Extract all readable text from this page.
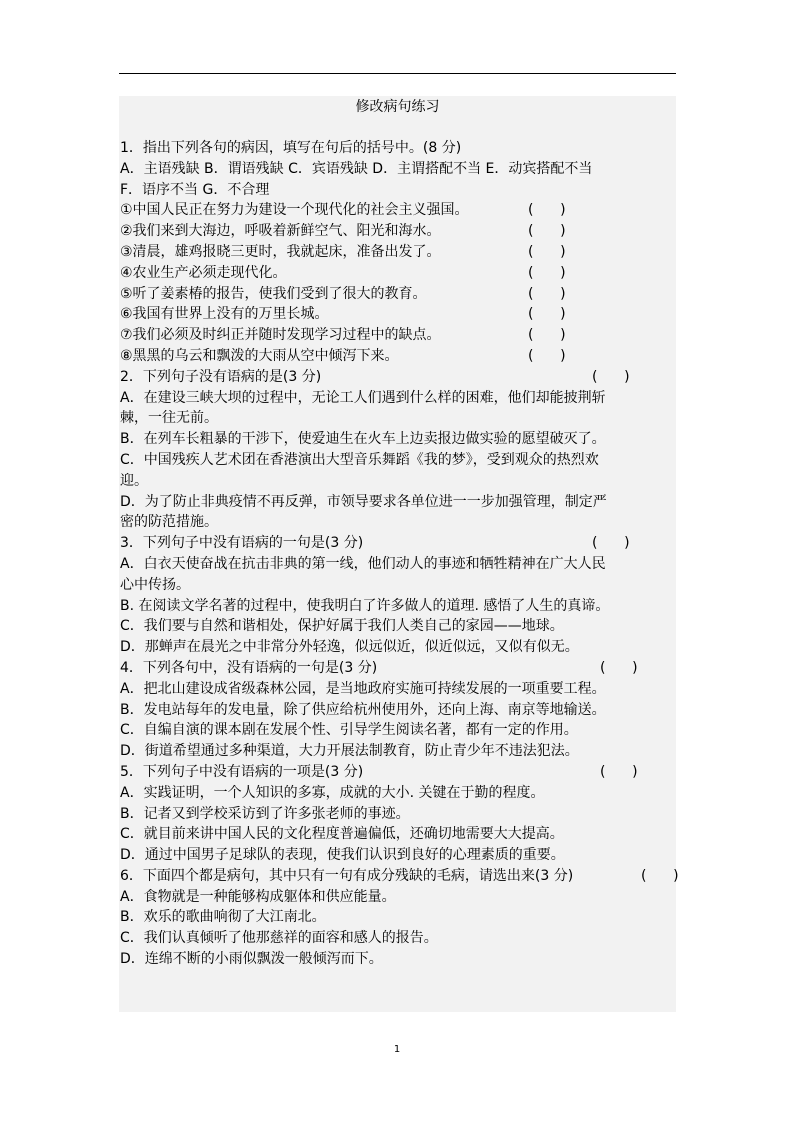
修改病句练习
1．指出下列各句的病因，填写在句后的括号中。(8 分)
A．主语残缺 B．谓语残缺 C．宾语残缺 D．主谓搭配不当 E．动宾搭配不当
F．语序不当 G．不合理
①中国人民正在努力为建设一个现代化的社会主义强国。	(      )
②我们来到大海边，呼吸着新鲜空气、阳光和海水。	(      )
③清晨，雄鸡报晓三更时，我就起床，准备出发了。	(      )
④农业生产必须走现代化。	(      )
⑤听了姜素椿的报告，使我们受到了很大的教育。	(      )
⑥我国有世界上没有的万里长城。	(      )
⑦我们必须及时纠正并随时发现学习过程中的缺点。	(      )
⑧黑黑的乌云和飘泼的大雨从空中倾泻下来。	(      )
2．下列句子没有语病的是(3 分)	(      )
A．在建设三峡大坝的过程中，无论工人们遇到什么样的困难，他们却能披荆斩
棘，一往无前。
B．在列车长粗暴的干涉下，使爱迪生在火车上边卖报边做实验的愿望破灭了。
C．中国残疾人艺术团在香港演出大型音乐舞蹈《我的梦》，受到观众的热烈欢
迎。
D．为了防止非典疫情不再反弹，市领导要求各单位进一一步加强管理，制定严
密的防范措施。
3．下列句子中没有语病的一句是(3 分)	(      )
A．白衣天使奋战在抗击非典的第一线，他们动人的事迹和牺牲精神在广大人民
心中传扬。
B. 在阅读文学名著的过程中，使我明白了许多做人的道理. 感悟了人生的真谛。
C．我们要与自然和谐相处，保护好属于我们人类自己的家园——地球。
D．那蝉声在晨光之中非常分外轻逸，似远似近，似近似远，又似有似无。
4．下列各句中，没有语病的一句是(3 分)	(      )
A．把北山建设成省级森林公园，是当地政府实施可持续发展的一项重要工程。
B．发电站每年的发电量，除了供应给杭州使用外，还向上海、南京等地输送。
C．自编自演的课本剧在发展个性、引导学生阅读名著，都有一定的作用。
D．街道希望通过多种渠道，大力开展法制教育，防止青少年不违法犯法。
5．下列句子中没有语病的一项是(3 分)	(      )
A．实践证明，一个人知识的多寡，成就的大小. 关键在于勤的程度。
B．记者又到学校采访到了许多张老师的事迹。
C．就目前来讲中国人民的文化程度普遍偏低，还确切地需要大大提高。
D．通过中国男子足球队的表现，使我们认识到良好的心理素质的重要。
6．下面四个都是病句，其中只有一句有成分残缺的毛病，请选出来(3 分)	(      )
A．食物就是一种能够构成躯体和供应能量。
B．欢乐的歌曲响彻了大江南北。
C．我们认真倾听了他那慈祥的面容和感人的报告。
D．连绵不断的小雨似飘泼一般倾泻而下。
1
